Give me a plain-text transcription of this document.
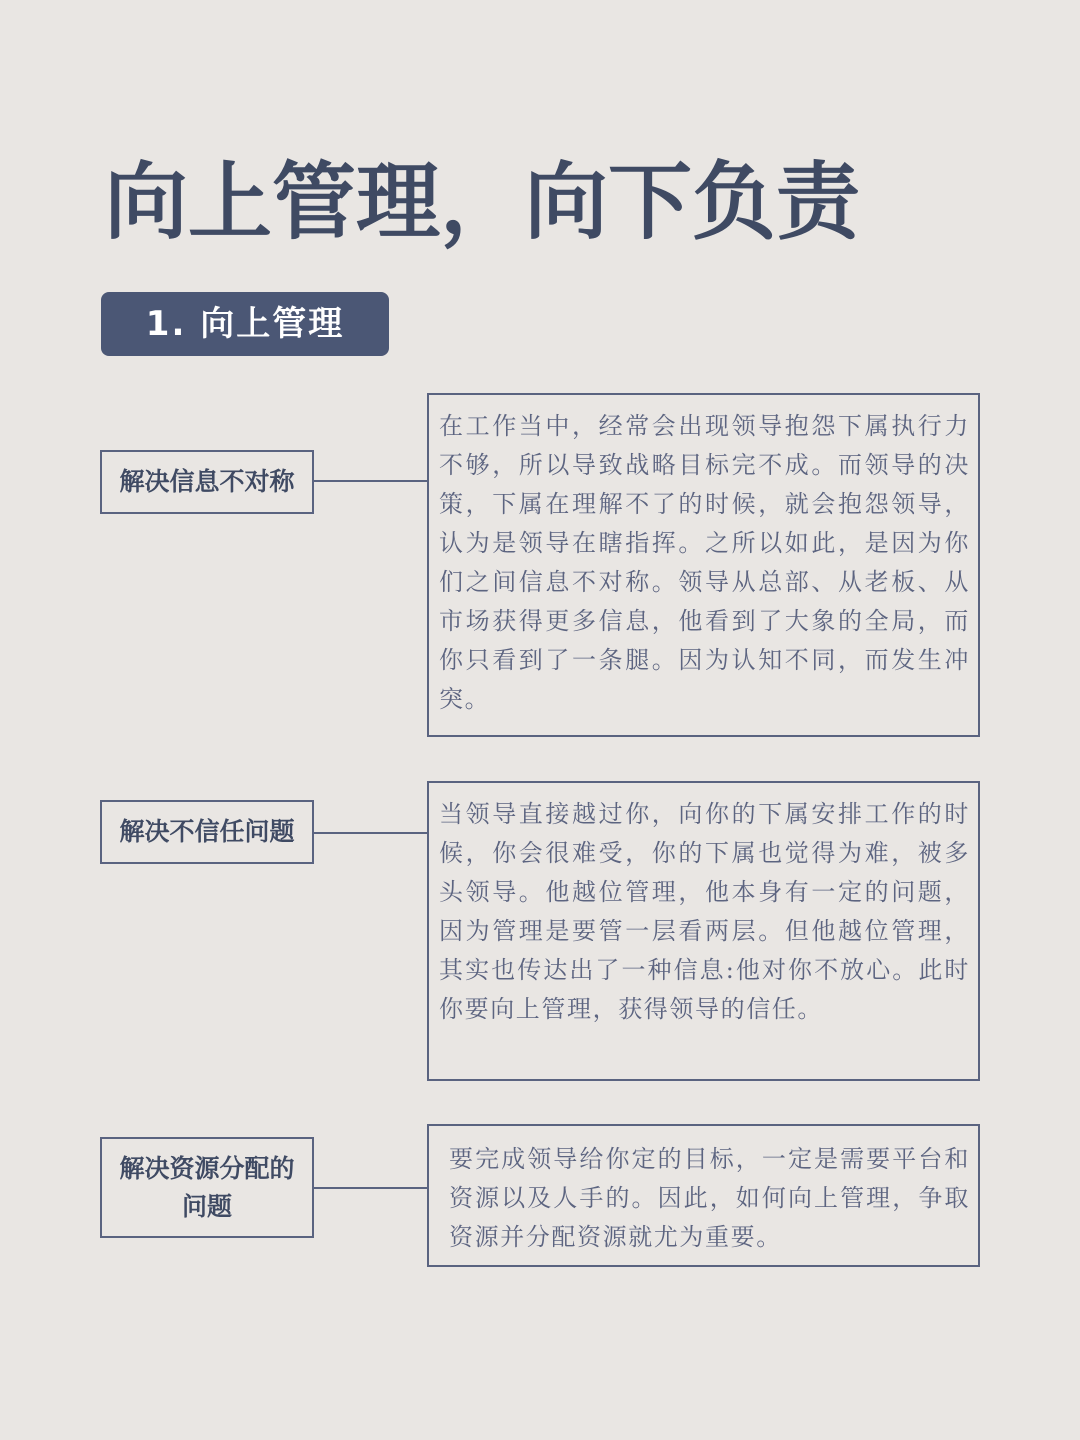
向上管理，向下负责
1. 向上管理
解决信息不对称
在工作当中，经常会出现领导抱怨下属执行力不够，所以导致战略目标完不成。而领导的决策，下属在理解不了的时候，就会抱怨领导，认为是领导在瞎指挥。之所以如此，是因为你们之间信息不对称。领导从总部、从老板、从市场获得更多信息，他看到了大象的全局，而你只看到了一条腿。因为认知不同，而发生冲突。
解决不信任问题
当领导直接越过你，向你的下属安排工作的时候，你会很难受，你的下属也觉得为难，被多头领导。他越位管理，他本身有一定的问题，因为管理是要管一层看两层。但他越位管理，其实也传达出了一种信息:他对你不放心。此时你要向上管理，获得领导的信任。
解决资源分配的问题
要完成领导给你定的目标，一定是需要平台和资源以及人手的。因此，如何向上管理，争取资源并分配资源就尤为重要。
